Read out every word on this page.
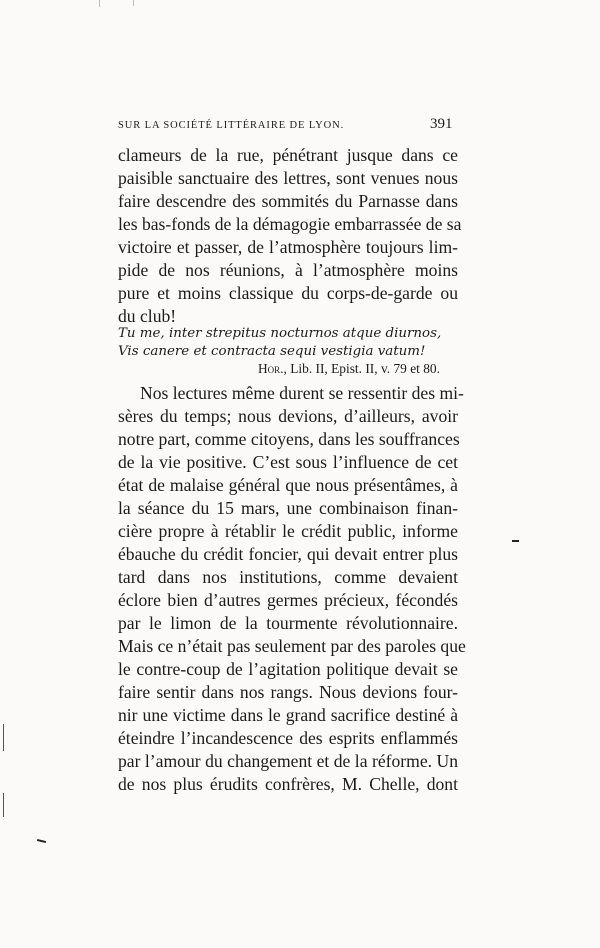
SUR LA SOCIÉTÉ LITTÉRAIRE DE LYON.	391
clameurs de la rue, pénétrant jusque dans ce
paisible sanctuaire des lettres, sont venues nous
faire descendre des sommités du Parnasse dans
les bas-fonds de la démagogie embarrassée de sa
victoire et passer, de l’atmosphère toujours lim-
pide de nos réunions, à l’atmosphère moins
pure et moins classique du corps-de-garde ou
du club!
Tu me, inter strepitus nocturnos atque diurnos,
Vis canere et contracta sequi vestigia vatum!
Hor., Lib. II, Epist. II, v. 79 et 80.
Nos lectures même durent se ressentir des mi-
sères du temps; nous devions, d’ailleurs, avoir
notre part, comme citoyens, dans les souffrances
de la vie positive. C’est sous l’influence de cet
état de malaise général que nous présentâmes, à
la séance du 15 mars, une combinaison finan-
cière propre à rétablir le crédit public, informe
ébauche du crédit foncier, qui devait entrer plus
tard dans nos institutions, comme devaient
éclore bien d’autres germes précieux, fécondés
par le limon de la tourmente révolutionnaire.
Mais ce n’était pas seulement par des paroles que
le contre-coup de l’agitation politique devait se
faire sentir dans nos rangs. Nous devions four-
nir une victime dans le grand sacrifice destiné à
éteindre l’incandescence des esprits enflammés
par l’amour du changement et de la réforme. Un
de nos plus érudits confrères, M. Chelle, dont
